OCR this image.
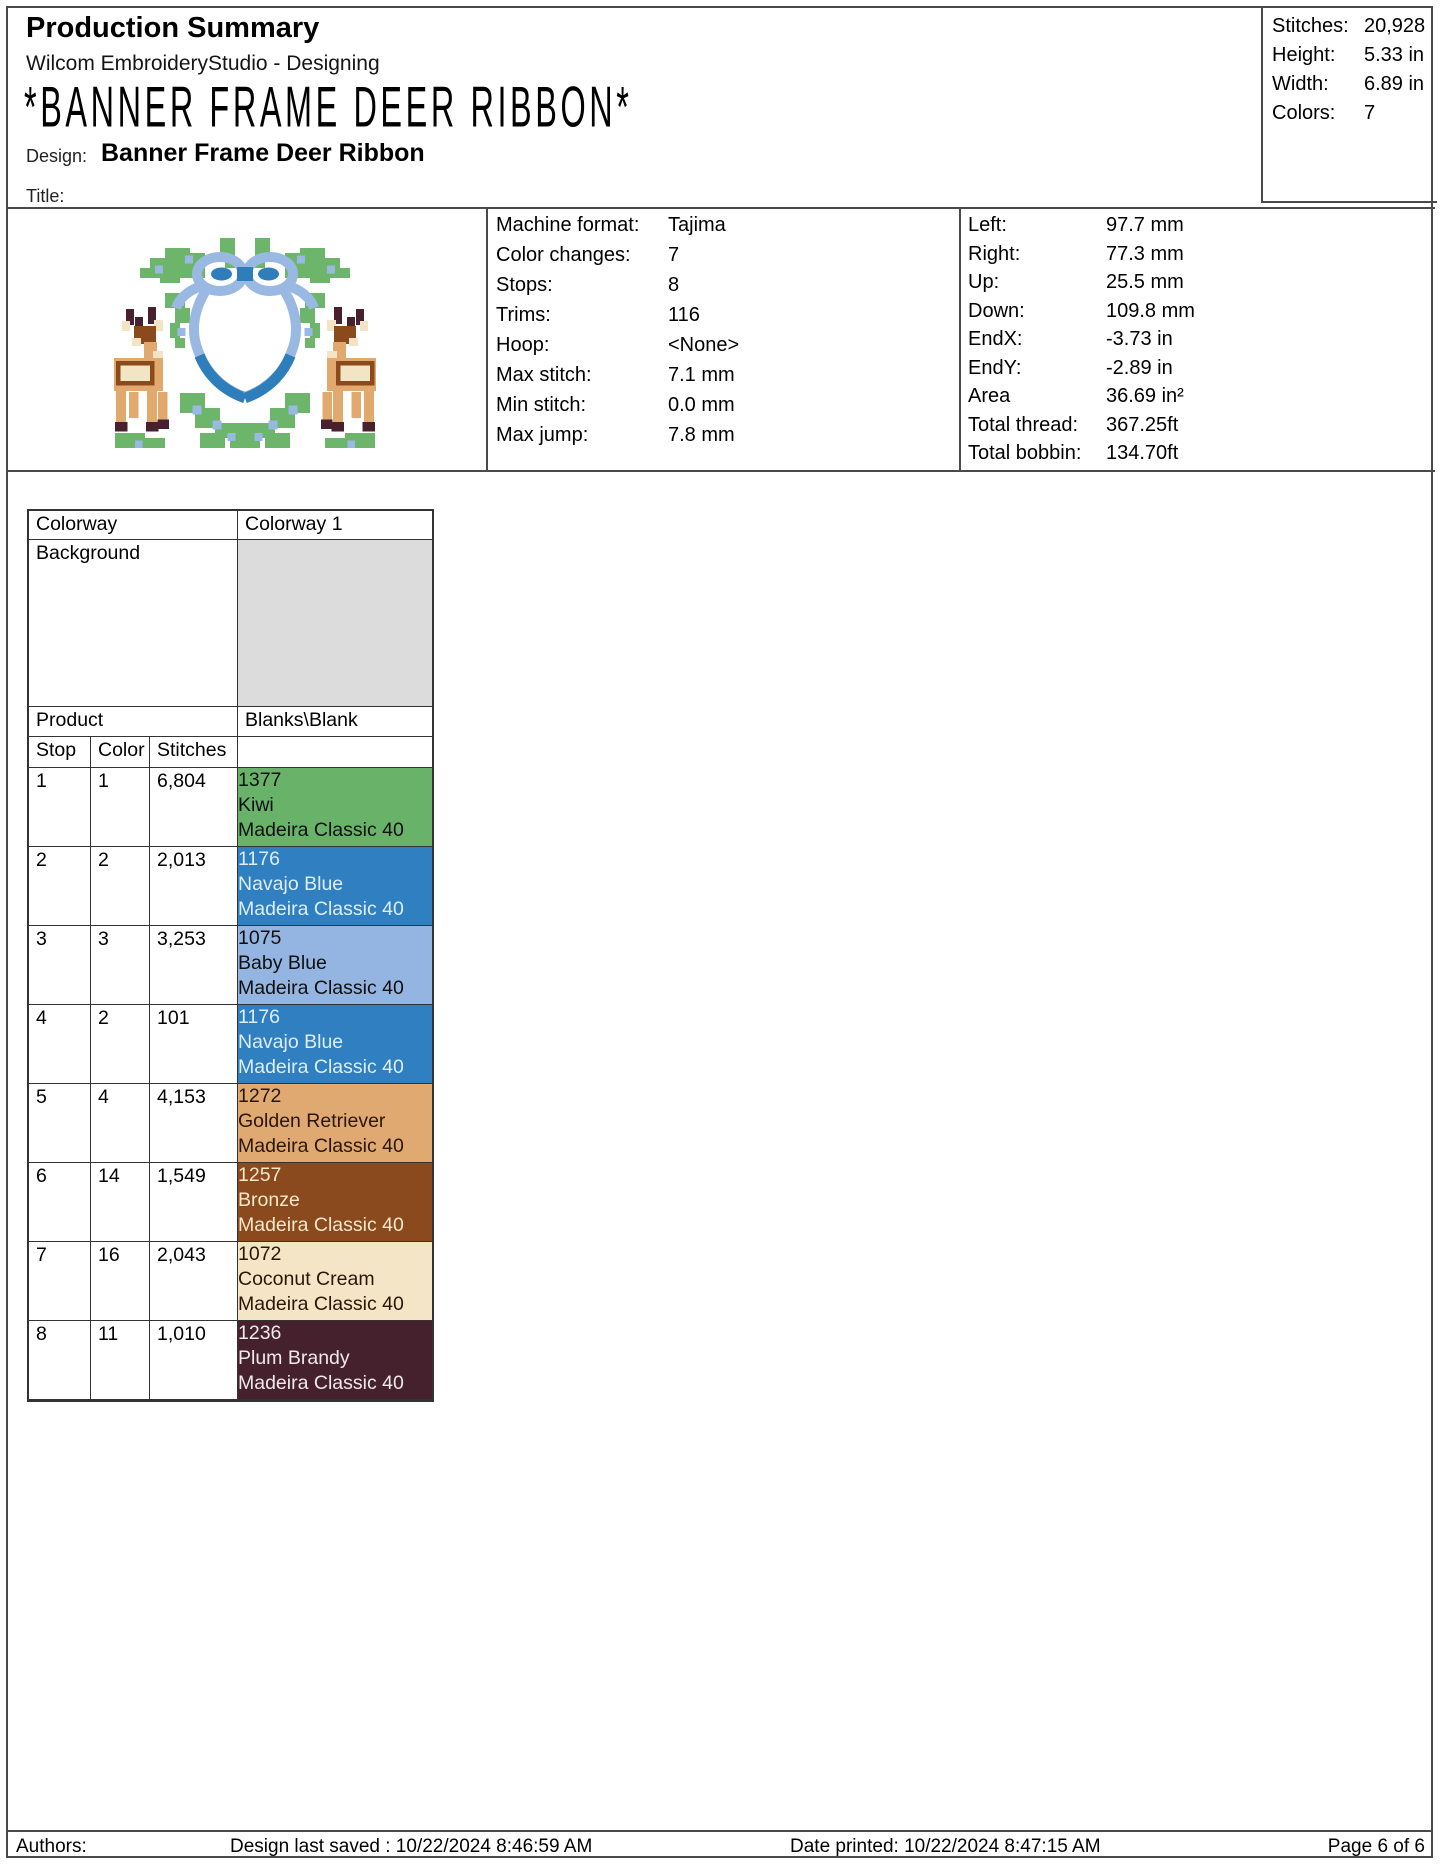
Production Summary
Wilcom EmbroideryStudio - Designing
*BANNER FRAME DEER RIBBON*
Design: Banner Frame Deer Ribbon
Title:
Stitches: 20,928
Height:	5.33 in
Width:	6.89 in
Colors:	7
Machine format:	Tajima
Color changes:	7
Stops:	8
Trims:	116
Hoop:	<None>
Max stitch:	7.1 mm
Min stitch:	0.0 mm
Max jump:	7.8 mm
Left:	97.7 mm
Right:	77.3 mm
Up:	25.5 mm
Down:	109.8 mm
EndX:	-3.73 in
EndY:	-2.89 in
Area	36.69 in²
Total thread:	367.25ft
Total bobbin:	134.70ft
Colorway	Colorway 1
Background
Product	Blanks\Blank
Stop	Color Stitches
1	1	6,804	1377
Kiwi
Madeira Classic 40
2	2	2,013	1176
Navajo Blue
Madeira Classic 40
3	3	3,253	1075
Baby Blue
Madeira Classic 40
4	2	101	1176
Navajo Blue
Madeira Classic 40
5	4	4,153	1272
Golden Retriever
Madeira Classic 40
6	14	1,549	1257
Bronze
Madeira Classic 40
7	16	2,043	1072
Coconut Cream
Madeira Classic 40
8	11	1,010	1236
Plum Brandy
Madeira Classic 40
Authors:	Design last saved : 10/22/2024 8:46:59 AM	Date printed: 10/22/2024 8:47:15 AM	Page 6 of 6
